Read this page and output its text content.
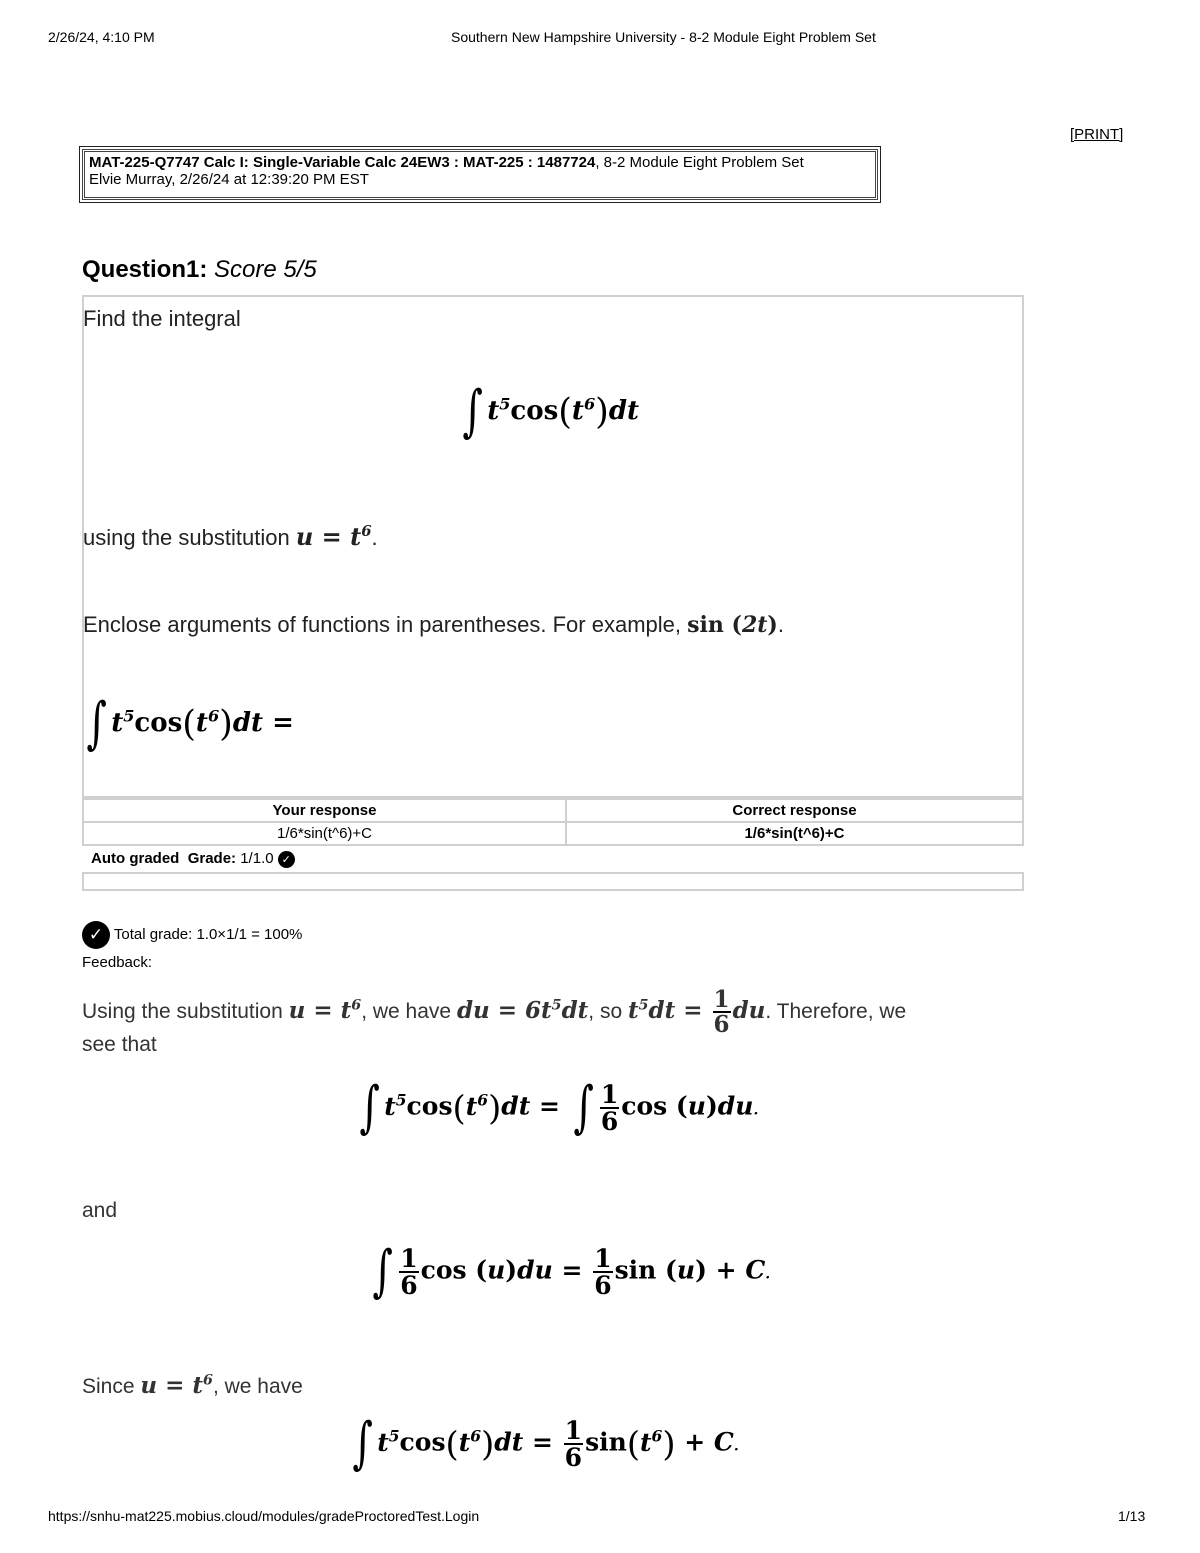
2/26/24, 4:10 PM	Southern New Hampshire University - 8-2 Module Eight Problem Set
[PRINT]
MAT-225-Q7747 Calc I: Single-Variable Calc 24EW3 : MAT-225 : 1487724, 8-2 Module Eight Problem Set
Elvie Murray, 2/26/24 at 12:39:20 PM EST
Question1: Score 5/5
Find the integral
∫ $t^5\cos(t^6)dt$
using the substitution $u = t^6$.
Enclose arguments of functions in parentheses. For example, sin (2t).
∫ $t^5\cos(t^6)dt$ =
Your response	Correct response
1/6*sin(t^6)+C	1/6*sin(t^6)+C
Auto graded Grade: 1/1.0 ✓
✓ Total grade: 1.0×1/1 = 100%
Feedback:
Using the substitution $u = t^6$, we have du = $6t^5dt$, so $t^5dt = \frac{1}{6}$ du. Therefore, we
see that
∫ $t^5\cos(t^6)dt$ = ∫ $\frac{1}{6}$ cos (u)du.
and
∫ $\frac{1}{6}$ $\cos (u)du = \frac{1}{6}$ sin (u) + C.
Since $u = t^6$, we have
∫ $t^5\cos(t^6)dt = \frac{1}{6} \sin(t^6) + C$.
https://snhu-mat225.mobius.cloud/modules/gradeProctoredTest.Login	1/13
